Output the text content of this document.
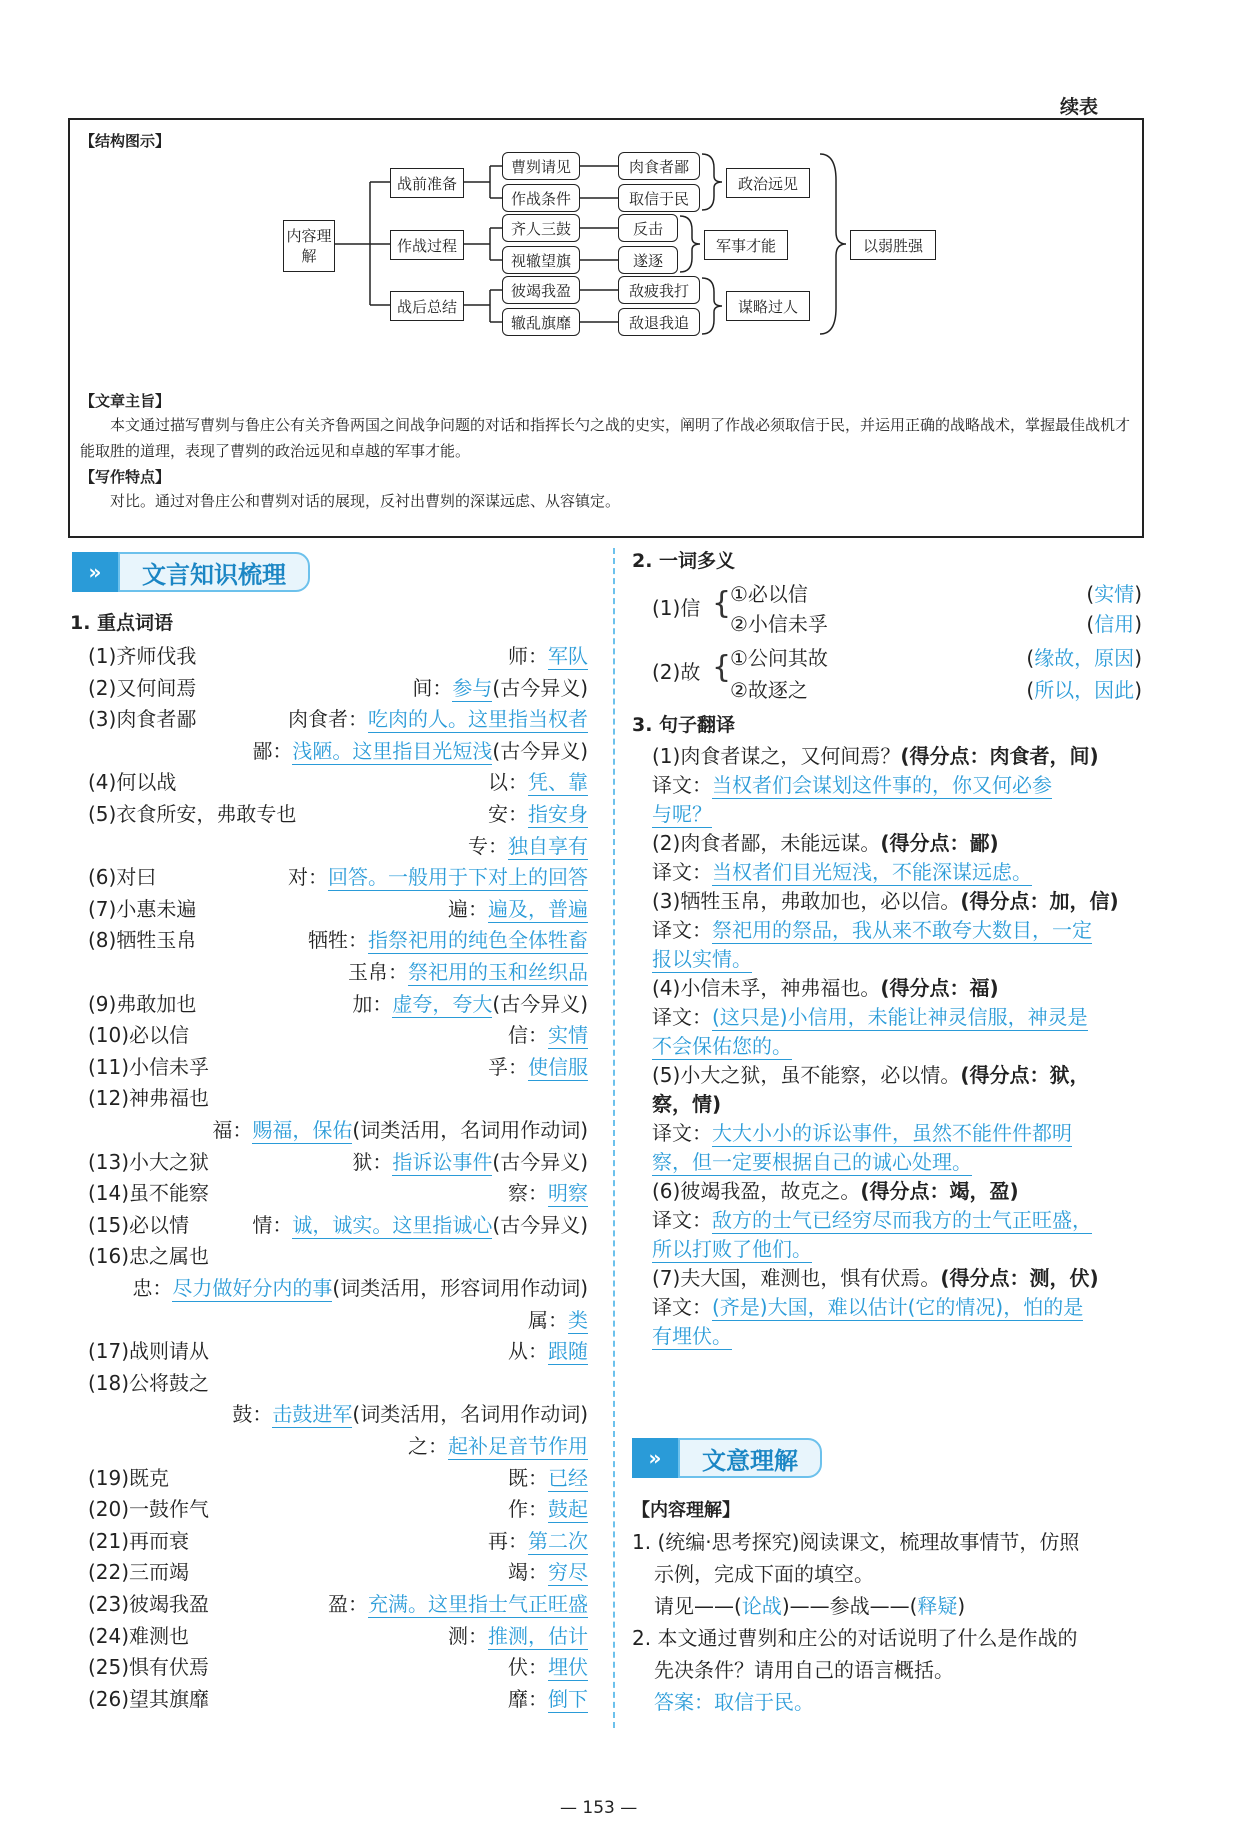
续表
【结构图示】
内容理解
战前准备
作战过程
战后总结
曹刿请见
作战条件
齐人三鼓
视辙望旗
彼竭我盈
辙乱旗靡
肉食者鄙
取信于民
反击
遂逐
敌疲我打
敌退我追
政治远见
军事才能
谋略过人
以弱胜强
【文章主旨】
本文通过描写曹刿与鲁庄公有关齐鲁两国之间战争问题的对话和指挥长勺之战的史实，阐明了作战必须取信于民，并运用正确的战略战术，掌握最佳战机才能取胜的道理，表现了曹刿的政治远见和卓越的军事才能。
【写作特点】
对比。通过对鲁庄公和曹刿对话的展现，反衬出曹刿的深谋远虑、从容镇定。
»	文言知识梳理
1. 重点词语
(1)齐师伐我	师：军队
(2)又何间焉	间：参与(古今异义)
(3)肉食者鄙	肉食者：吃肉的人。这里指当权者
鄙：浅陋。这里指目光短浅(古今异义)
(4)何以战	以：凭、靠
(5)衣食所安，弗敢专也	安：指安身
专：独自享有
(6)对曰	对：回答。一般用于下对上的回答
(7)小惠未遍	遍：遍及，普遍
(8)牺牲玉帛	牺牲：指祭祀用的纯色全体牲畜
玉帛：祭祀用的玉和丝织品
(9)弗敢加也	加：虚夸，夸大(古今异义)
(10)必以信	信：实情
(11)小信未孚	孚：使信服
(12)神弗福也
福：赐福，保佑(词类活用，名词用作动词)
(13)小大之狱	狱：指诉讼事件(古今异义)
(14)虽不能察	察：明察
(15)必以情	情：诚，诚实。这里指诚心(古今异义)
(16)忠之属也
忠：尽力做好分内的事(词类活用，形容词用作动词)
属：类
(17)战则请从	从：跟随
(18)公将鼓之
鼓：击鼓进军(词类活用，名词用作动词)
之：起补足音节作用
(19)既克	既：已经
(20)一鼓作气	作：鼓起
(21)再而衰	再：第二次
(22)三而竭	竭：穷尽
(23)彼竭我盈	盈：充满。这里指士气正旺盛
(24)难测也	测：推测，估计
(25)惧有伏焉	伏：埋伏
(26)望其旗靡	靡：倒下
2. 一词多义
(1)信 {
①必以信	(实情)
②小信未孚	(信用)
(2)故 {
①公问其故	(缘故，原因)
②故逐之	(所以，因此)
3. 句子翻译
(1)肉食者谋之，又何间焉？(得分点：肉食者，间)
译文：当权者们会谋划这件事的，你又何必参
与呢？
(2)肉食者鄙，未能远谋。(得分点：鄙)
译文：当权者们目光短浅，不能深谋远虑。
(3)牺牲玉帛，弗敢加也，必以信。(得分点：加，信)
译文：祭祀用的祭品，我从来不敢夸大数目，一定
报以实情。
(4)小信未孚，神弗福也。(得分点：福)
译文：(这只是)小信用，未能让神灵信服，神灵是
不会保佑您的。
(5)小大之狱，虽不能察，必以情。(得分点：狱，
察，情)
译文：大大小小的诉讼事件，虽然不能件件都明
察，但一定要根据自己的诚心处理。
(6)彼竭我盈，故克之。(得分点：竭，盈)
译文：敌方的士气已经穷尽而我方的士气正旺盛，
所以打败了他们。
(7)夫大国，难测也，惧有伏焉。(得分点：测，伏)
译文：(齐是)大国，难以估计(它的情况)，怕的是
有埋伏。
»	文意理解
【内容理解】
1. (统编·思考探究)阅读课文，梳理故事情节，仿照
示例，完成下面的填空。
请见——(论战)——参战——(释疑)
2. 本文通过曹刿和庄公的对话说明了什么是作战的
先决条件？请用自己的语言概括。
答案：取信于民。
— 153 —
